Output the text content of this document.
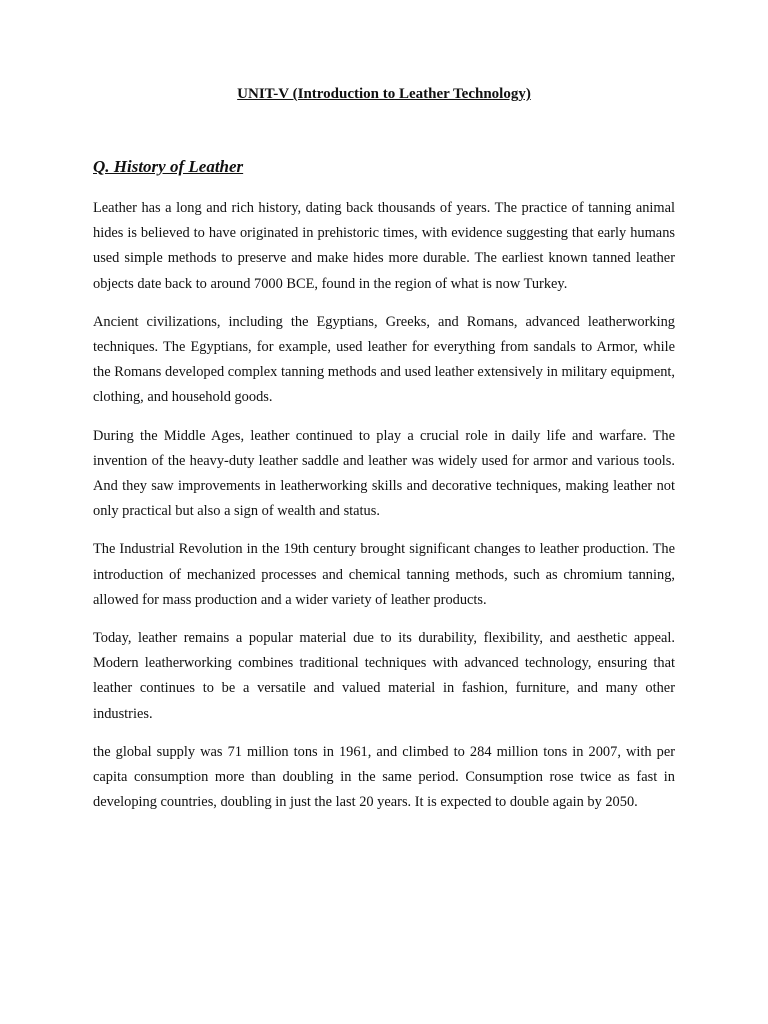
UNIT-V (Introduction to Leather Technology)
Q. History of Leather

Leather has a long and rich history, dating back thousands of years. The practice of tanning animal hides is believed to have originated in prehistoric times, with evidence suggesting that early humans used simple methods to preserve and make hides more durable. The earliest known tanned leather objects date back to around 7000 BCE, found in the region of what is now Turkey.

Ancient civilizations, including the Egyptians, Greeks, and Romans, advanced leatherworking techniques. The Egyptians, for example, used leather for everything from sandals to Armor, while the Romans developed complex tanning methods and used leather extensively in military equipment, clothing, and household goods.

During the Middle Ages, leather continued to play a crucial role in daily life and warfare. The invention of the heavy-duty leather saddle and leather was widely used for armor and various tools. And they saw improvements in leatherworking skills and decorative techniques, making leather not only practical but also a sign of wealth and status.

The Industrial Revolution in the 19th century brought significant changes to leather production. The introduction of mechanized processes and chemical tanning methods, such as chromium tanning, allowed for mass production and a wider variety of leather products.

Today, leather remains a popular material due to its durability, flexibility, and aesthetic appeal. Modern leatherworking combines traditional techniques with advanced technology, ensuring that leather continues to be a versatile and valued material in fashion, furniture, and many other industries.

the global supply was 71 million tons in 1961, and climbed to 284 million tons in 2007, with per capita consumption more than doubling in the same period. Consumption rose twice as fast in developing countries, doubling in just the last 20 years. It is expected to double again by 2050.
